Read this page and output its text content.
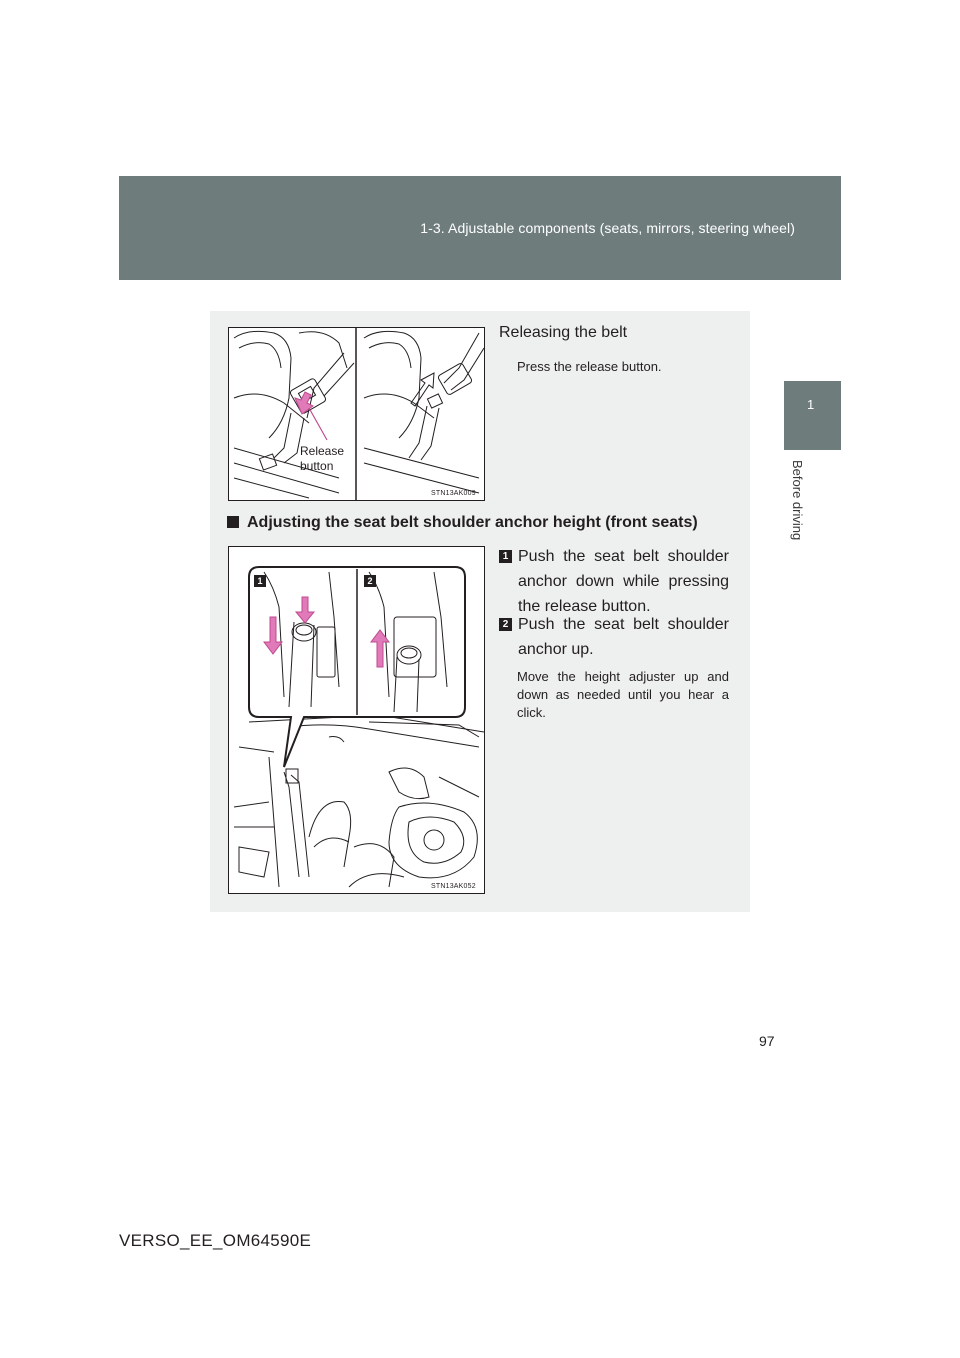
1-3. Adjustable components (seats, mirrors, steering wheel)
1
Before driving
Release
button
STN13AK009
Releasing the belt
Press the release button.
Adjusting the seat belt shoulder anchor height (front seats)
1	2
STN13AK052
1 Push the seat belt shoulder anchor down while pressing the release button.
2 Push the seat belt shoulder anchor up.
Move the height adjuster up and down as needed until you hear a click.
97
VERSO_EE_OM64590E
